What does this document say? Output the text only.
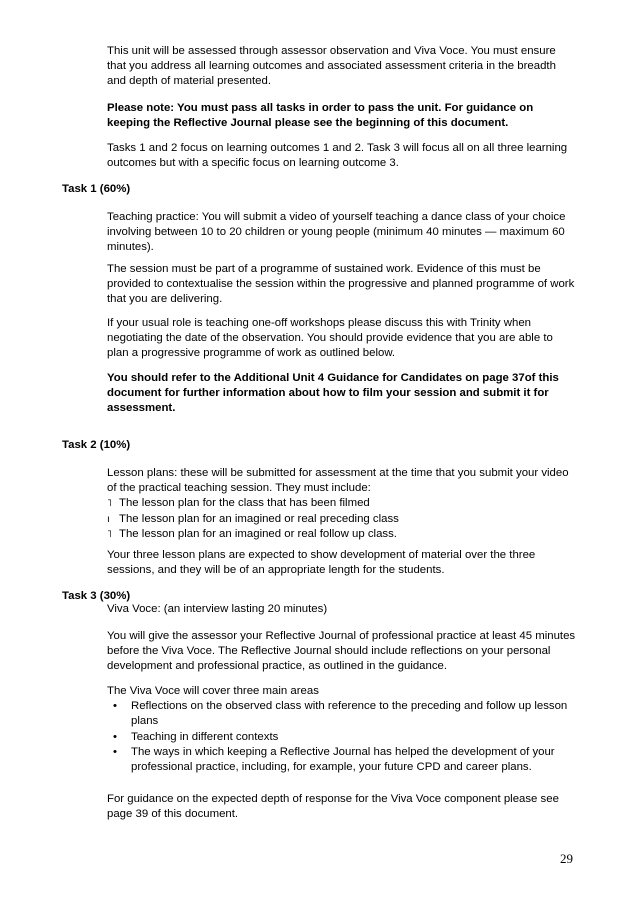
This unit will be assessed through assessor observation and Viva Voce. You must ensure that you address all learning outcomes and associated assessment criteria in the breadth and depth of material presented.

Please note: You must pass all tasks in order to pass the unit. For guidance on keeping the Reflective Journal please see the beginning of this document.

Tasks 1 and 2 focus on learning outcomes 1 and 2. Task 3 will focus all on all three learning outcomes but with a specific focus on learning outcome 3.

Task 1 (60%)

Teaching practice: You will submit a video of yourself teaching a dance class of your choice involving between 10 to 20 children or young people (minimum 40 minutes — maximum 60 minutes).

The session must be part of a programme of sustained work. Evidence of this must be provided to contextualise the session within the progressive and planned programme of work that you are delivering.

If your usual role is teaching one-off workshops please discuss this with Trinity when negotiating the date of the observation. You should provide evidence that you are able to plan a progressive programme of work as outlined below.

You should refer to the Additional Unit 4 Guidance for Candidates on page 37of this document for further information about how to film your session and submit it for assessment.

Task 2 (10%)

Lesson plans: these will be submitted for assessment at the time that you submit your video of the practical teaching session. They must include:

˥ The lesson plan for the class that has been filmed
ı The lesson plan for an imagined or real preceding class
˥ The lesson plan for an imagined or real follow up class.

Your three lesson plans are expected to show development of material over the three sessions, and they will be of an appropriate length for the students.

Task 3 (30%)

Viva Voce: (an interview lasting 20 minutes)

You will give the assessor your Reflective Journal of professional practice at least 45 minutes before the Viva Voce. The Reflective Journal should include reflections on your personal development and professional practice, as outlined in the guidance.

The Viva Voce will cover three main areas

•	Reflections on the observed class with reference to the preceding and follow up lesson plans
•	Teaching in different contexts
•	The ways in which keeping a Reflective Journal has helped the development of your professional practice, including, for example, your future CPD and career plans.

For guidance on the expected depth of response for the Viva Voce component please see page 39 of this document.

29
